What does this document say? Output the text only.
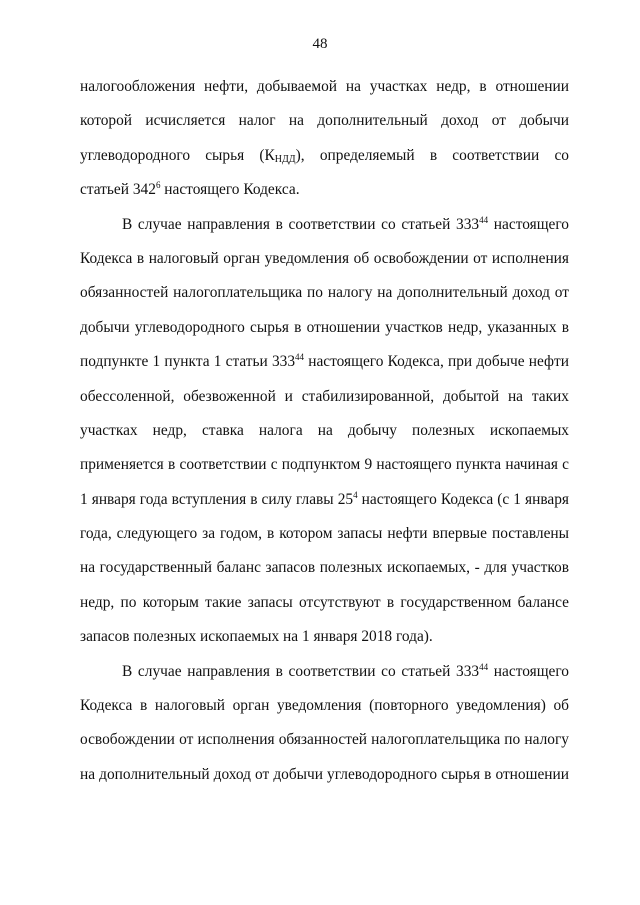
48
налогообложения нефти, добываемой на участках недр, в отношении
которой исчисляется налог на дополнительный доход от добычи
углеводородного сырья $(К_{НДД})$, определяемый в соответствии со
статьей $342^6$ настоящего Кодекса.
В случае направления в соответствии со статьей $333^{44}$ настоящего
Кодекса в налоговый орган уведомления об освобождении от исполнения
обязанностей налогоплательщика по налогу на дополнительный доход от
добычи углеводородного сырья в отношении участков недр, указанных в
подпункте 1 пункта 1 статьи $333^{44}$ настоящего Кодекса, при добыче нефти
обессоленной, обезвоженной и стабилизированной, добытой на таких
участках недр, ставка налога на добычу полезных ископаемых
применяется в соответствии с подпунктом 9 настоящего пункта начиная с
1 января года вступления в силу главы $25^4$ настоящего Кодекса (с 1 января
года, следующего за годом, в котором запасы нефти впервые поставлены
на государственный баланс запасов полезных ископаемых, - для участков
недр, по которым такие запасы отсутствуют в государственном балансе
запасов полезных ископаемых на 1 января 2018 года).
В случае направления в соответствии со статьей $333^{44}$ настоящего
Кодекса в налоговый орган уведомления (повторного уведомления) об
освобождении от исполнения обязанностей налогоплательщика по налогу
на дополнительный доход от добычи углеводородного сырья в отношении
